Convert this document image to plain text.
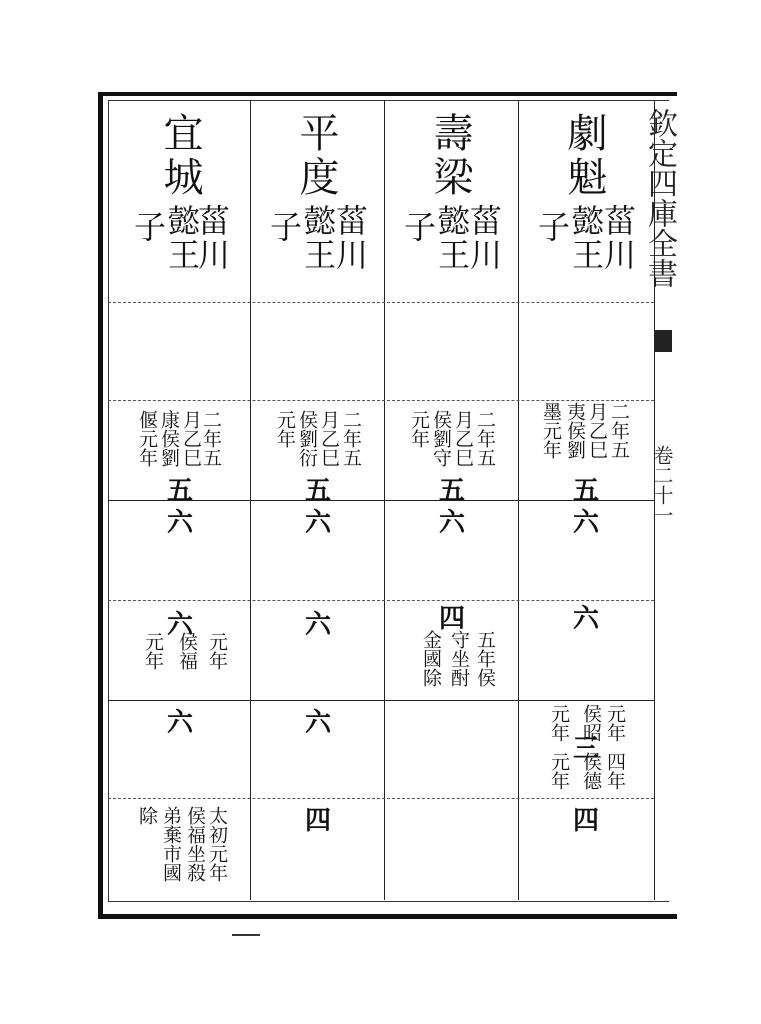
欽定四庫全書
卷二十一
宜城
菑川
懿王
子
二年五
月乙巳
康侯劉
偃元年
五
六
六
元年
侯福
元年
六
太初元年
侯福坐殺
弟棄市國
除
平度
菑川
懿王
子
二年五
月乙巳
侯劉衍
元年
五
六
六
六
四
壽梁
菑川
懿王
子
二年五
月乙巳
侯劉守
元年
五
六
四
五年侯
守坐酎
金國除
劇魁
菑川
懿王
子
二年五
月乙巳
夷侯劉
墨元年
五
六
六
元年
侯昭
元年
三
四年
侯德
元年
四
